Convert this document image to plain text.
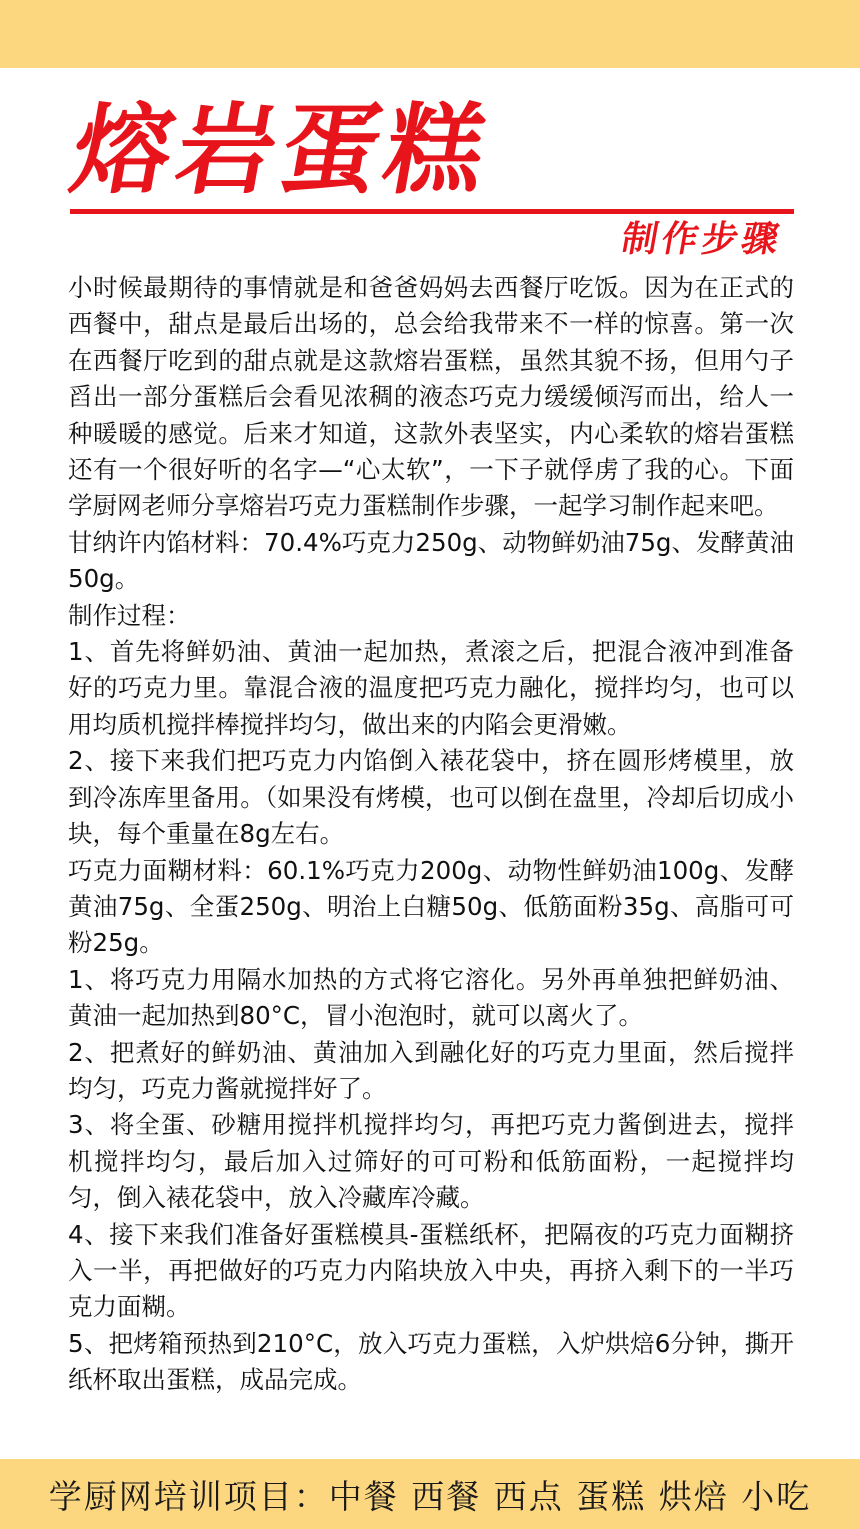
熔岩蛋糕
制作步骤

小时候最期待的事情就是和爸爸妈妈去西餐厅吃饭。因为在正式的西餐中，甜点是最后出场的，总会给我带来不一样的惊喜。第一次在西餐厅吃到的甜点就是这款熔岩蛋糕，虽然其貌不扬，但用勺子舀出一部分蛋糕后会看见浓稠的液态巧克力缓缓倾泻而出，给人一种暖暖的感觉。后来才知道，这款外表坚实，内心柔软的熔岩蛋糕还有一个很好听的名字—“心太软”，一下子就俘虏了我的心。下面学厨网老师分享熔岩巧克力蛋糕制作步骤，一起学习制作起来吧。

甘纳许内馅材料：70.4%巧克力250g、动物鲜奶油75g、发酵黄油50g。

制作过程：

1、首先将鲜奶油、黄油一起加热，煮滚之后，把混合液冲到准备好的巧克力里。靠混合液的温度把巧克力融化，搅拌均匀，也可以用均质机搅拌棒搅拌均匀，做出来的内陷会更滑嫩。

2、接下来我们把巧克力内馅倒入裱花袋中，挤在圆形烤模里，放到冷冻库里备用。（如果没有烤模，也可以倒在盘里，冷却后切成小块，每个重量在8g左右。

巧克力面糊材料：60.1%巧克力200g、动物性鲜奶油100g、发酵黄油75g、全蛋250g、明治上白糖50g、低筋面粉35g、高脂可可粉25g。

1、将巧克力用隔水加热的方式将它溶化。另外再单独把鲜奶油、黄油一起加热到80°C，冒小泡泡时，就可以离火了。

2、把煮好的鲜奶油、黄油加入到融化好的巧克力里面，然后搅拌均匀，巧克力酱就搅拌好了。

3、将全蛋、砂糖用搅拌机搅拌均匀，再把巧克力酱倒进去，搅拌机搅拌均匀，最后加入过筛好的可可粉和低筋面粉，一起搅拌均匀，倒入裱花袋中，放入冷藏库冷藏。

4、接下来我们准备好蛋糕模具-蛋糕纸杯，把隔夜的巧克力面糊挤入一半，再把做好的巧克力内陷块放入中央，再挤入剩下的一半巧克力面糊。

5、把烤箱预热到210°C，放入巧克力蛋糕，入炉烘焙6分钟，撕开纸杯取出蛋糕，成品完成。

学厨网培训项目：中餐 西餐 西点 蛋糕 烘焙 小吃
